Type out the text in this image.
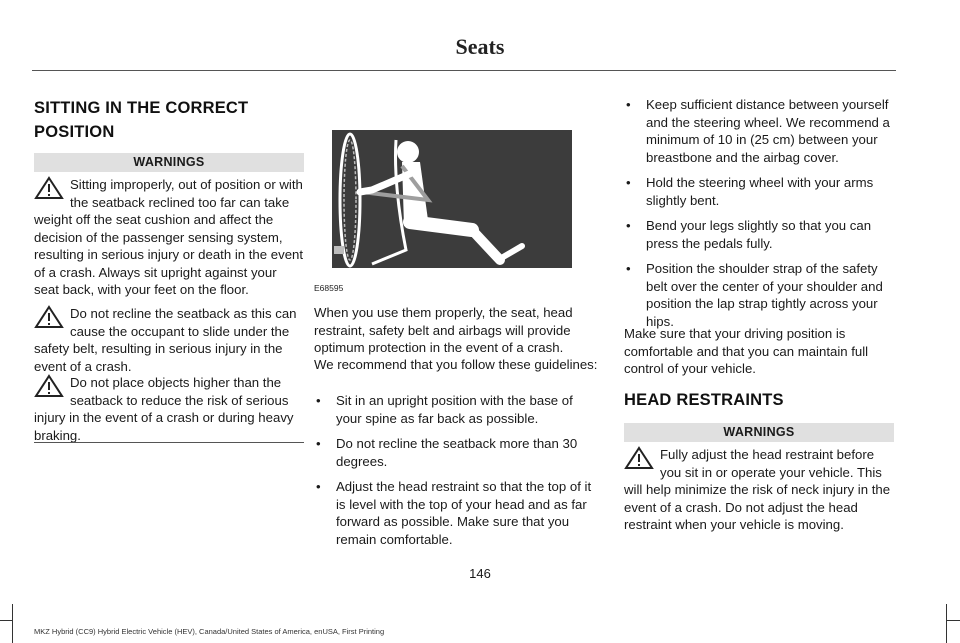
Seats
SITTING IN THE CORRECT
POSITION
WARNINGS

Sitting improperly, out of position or with the seatback reclined too far can take weight off the seat cushion and affect the decision of the passenger sensing system, resulting in serious injury or death in the event of a crash. Always sit upright against your seat back, with your feet on the floor.

Do not recline the seatback as this can cause the occupant to slide under the safety belt, resulting in serious injury in the event of a crash.

Do not place objects higher than the seatback to reduce the risk of serious injury in the event of a crash or during heavy braking.

E68595

When you use them properly, the seat, head restraint, safety belt and airbags will provide optimum protection in the event of a crash.

We recommend that you follow these guidelines:

• Sit in an upright position with the base of your spine as far back as possible.
• Do not recline the seatback more than 30 degrees.
• Adjust the head restraint so that the top of it is level with the top of your head and as far forward as possible. Make sure that you remain comfortable.
• Keep sufficient distance between yourself and the steering wheel. We recommend a minimum of 10 in (25 cm) between your breastbone and the airbag cover.
• Hold the steering wheel with your arms slightly bent.
• Bend your legs slightly so that you can press the pedals fully.
• Position the shoulder strap of the safety belt over the center of your shoulder and position the lap strap tightly across your hips.

Make sure that your driving position is comfortable and that you can maintain full control of your vehicle.

HEAD RESTRAINTS
WARNINGS

Fully adjust the head restraint before you sit in or operate your vehicle. This will help minimize the risk of neck injury in the event of a crash. Do not adjust the head restraint when your vehicle is moving.

146
MKZ Hybrid (CC9) Hybrid Electric Vehicle (HEV), Canada/United States of America, enUSA, First Printing
